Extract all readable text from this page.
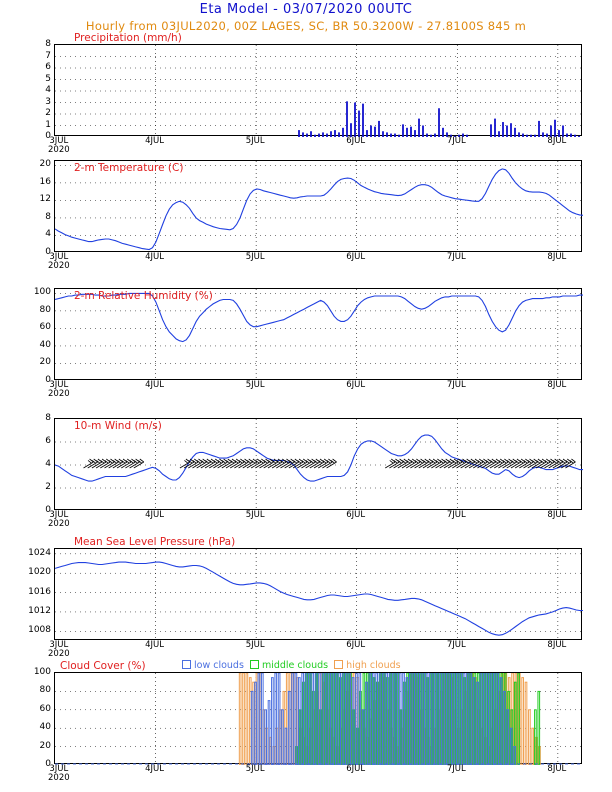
Eta Model - 03/07/2020 00UTC
Hourly from 03JUL2020, 00Z LAGES, SC, BR 50.3200W - 27.8100S 845 m
0
1
2
3
4
5
6
7
8
3JUL
2020
4JUL	5JUL	6JUL	7JUL	8JUL
Precipitation (mm/h)
0
4
8
12
16
20
3JUL
2020
4JUL	5JUL	6JUL	7JUL	8JUL
2-m Temperature (C)
0
20
40
60
80
100
3JUL
2020
4JUL	5JUL	6JUL	7JUL	8JUL
2-m Relative Humidity (%)
0
2
4
6
8
3JUL
2020
4JUL	5JUL	6JUL	7JUL	8JUL
10-m Wind (m/s)
1008
1012
1016
1020
1024
3JUL
2020
4JUL	5JUL	6JUL	7JUL	8JUL
Mean Sea Level Pressure (hPa)
0
20
40
60
80
100
3JUL
2020
4JUL	5JUL	6JUL	7JUL	8JUL
Cloud Cover (%)	low clouds middle clouds high clouds
